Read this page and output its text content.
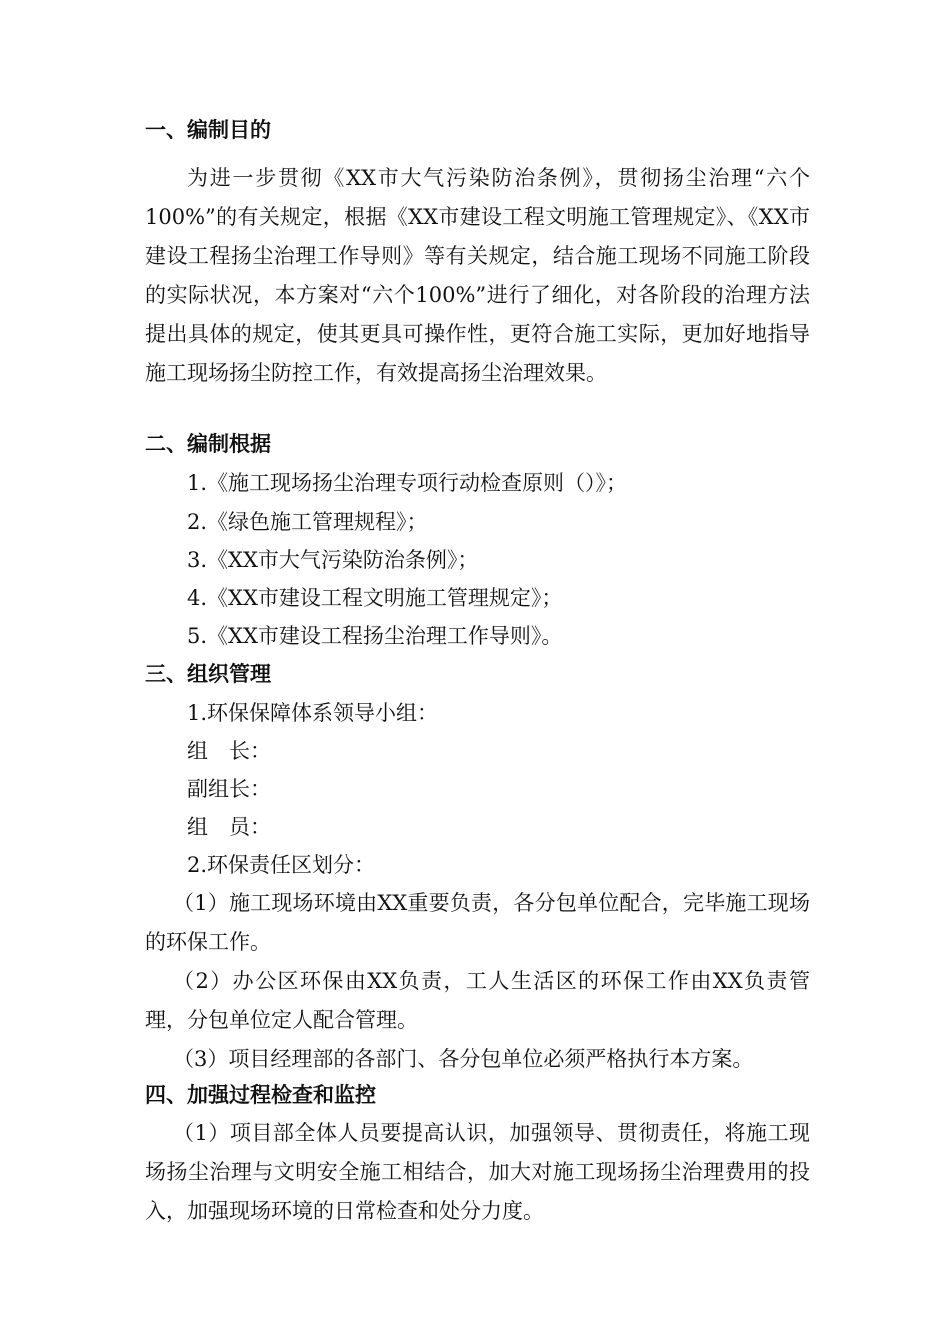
一、编制目的
为进一步贯彻《XX市大气污染防治条例》，贯彻扬尘治理“六个100%”的有关规定，根据《XX市建设工程文明施工管理规定》、《XX市建设工程扬尘治理工作导则》等有关规定，结合施工现场不同施工阶段的实际状况，本方案对“六个100%”进行了细化，对各阶段的治理方法提出具体的规定，使其更具可操作性，更符合施工实际，更加好地指导施工现场扬尘防控工作，有效提高扬尘治理效果。
二、编制根据
1.《施工现场扬尘治理专项行动检查原则（）》；
2.《绿色施工管理规程》；
3.《XX市大气污染防治条例》；
4.《XX市建设工程文明施工管理规定》；
5.《XX市建设工程扬尘治理工作导则》。
三、组织管理
1.环保保障体系领导小组：
组　长：
副组长：
组　员：
2.环保责任区划分：
（1）施工现场环境由XX重要负责，各分包单位配合，完毕施工现场的环保工作。
（2）办公区环保由XX负责，工人生活区的环保工作由XX负责管理，分包单位定人配合管理。
（3）项目经理部的各部门、各分包单位必须严格执行本方案。
四、加强过程检查和监控
（1）项目部全体人员要提高认识，加强领导、贯彻责任，将施工现场扬尘治理与文明安全施工相结合，加大对施工现场扬尘治理费用的投入，加强现场环境的日常检查和处分力度。
